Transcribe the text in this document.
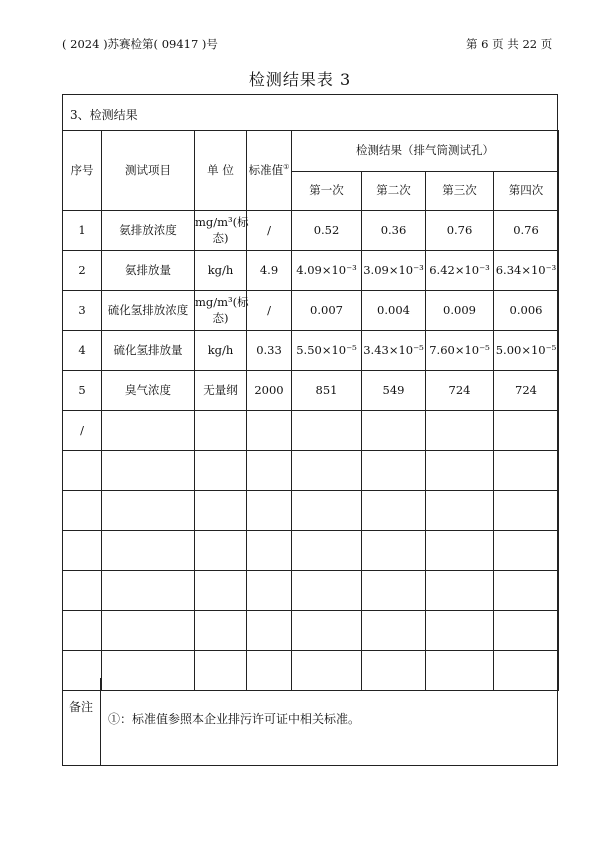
( 2024 )苏赛检第( 09417 )号	第 6 页 共 22 页
检测结果表 3
3、检测结果
序号	测试项目	单 位	标准值①	检测结果（排气筒测试孔）			
				第一次	第二次	第三次	第四次
1	氨排放浓度	mg/m³(标态)	/	0.52	0.36	0.76	0.76
2	氨排放量	kg/h	4.9	4.09×10⁻³	3.09×10⁻³	6.42×10⁻³	6.34×10⁻³
3	硫化氢排放浓度	mg/m³(标态)	/	0.007	0.004	0.009	0.006
4	硫化氢排放量	kg/h	0.33	5.50×10⁻⁵	3.43×10⁻⁵	7.60×10⁻⁵	5.00×10⁻⁵
5	臭气浓度	无量纲	2000	851	549	724	724
/							

备注
①：标准值参照本企业排污许可证中相关标准。
